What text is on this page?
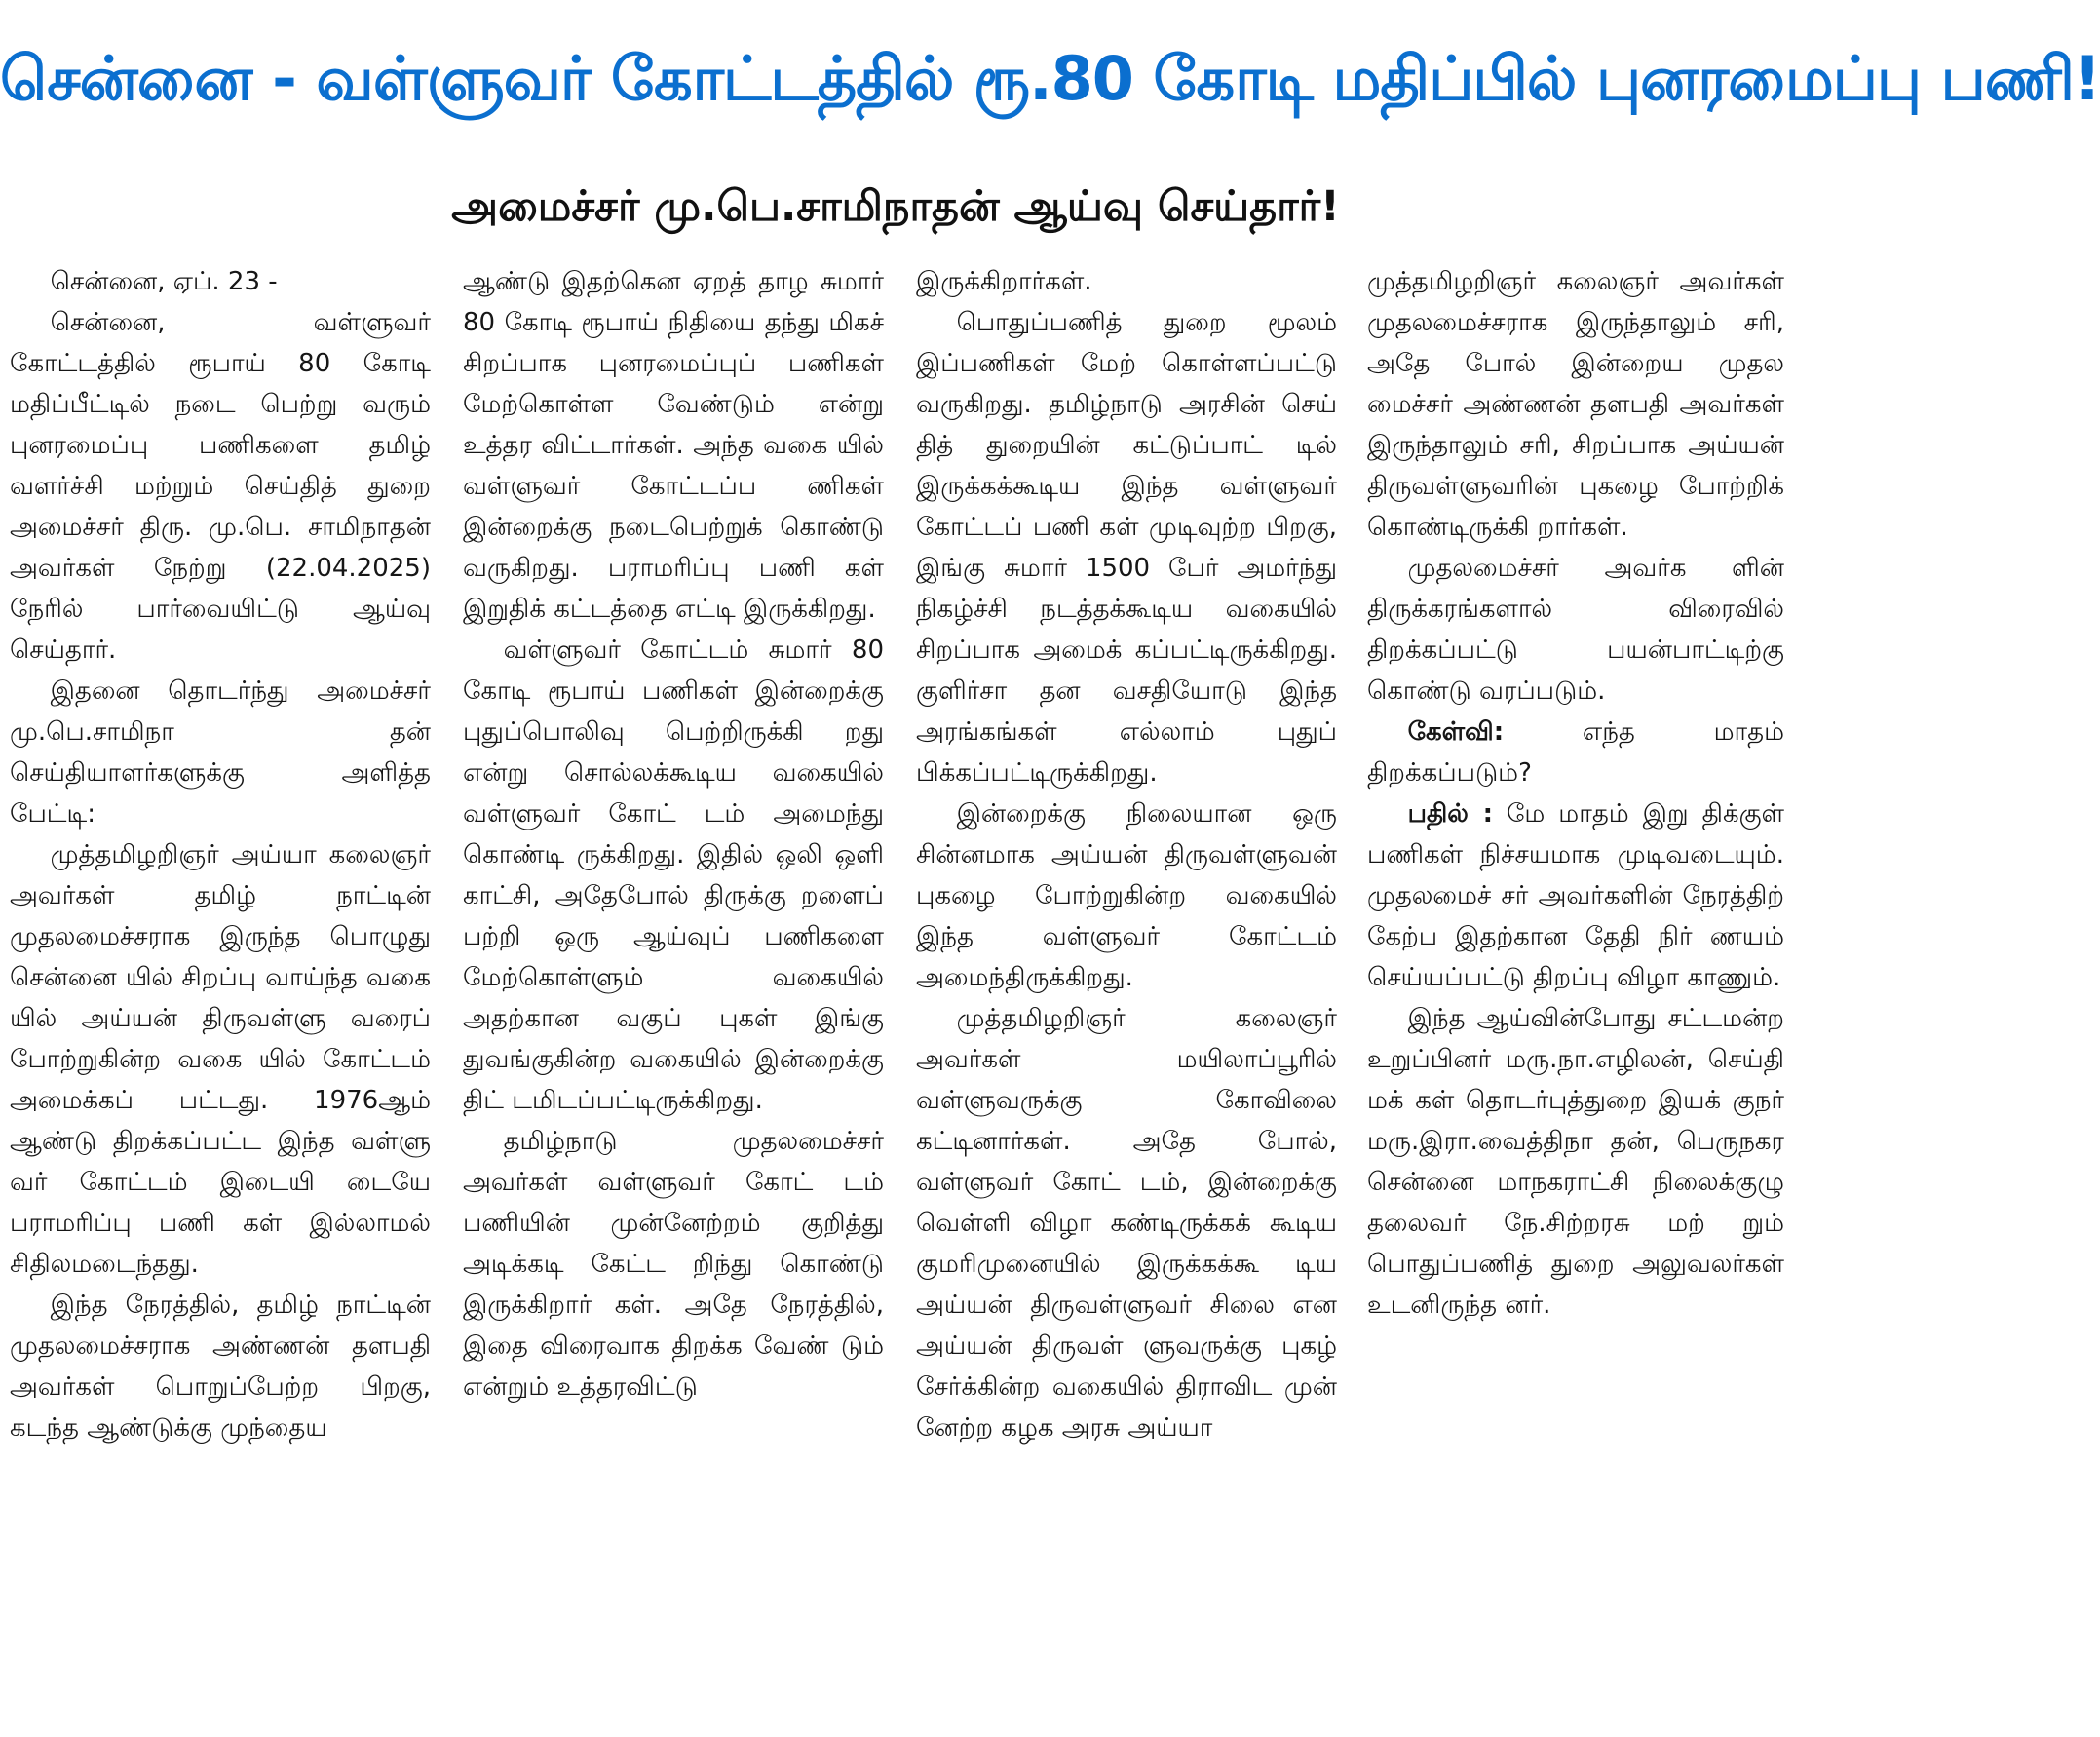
சென்னை - வள்ளுவர் கோட்டத்தில் ரூ.80 கோடி மதிப்பில் புனரமைப்பு பணி!
அமைச்சர் மு.பெ.சாமிநாதன் ஆய்வு செய்தார்!

சென்னை, ஏப். 23 -

சென்னை, வள்ளுவர் கோட்டத்தில் ரூபாய் 80 கோடி மதிப்பீட்டில் நடை பெற்று வரும் புனரமைப்பு பணிகளை தமிழ் வளர்ச்சி மற்றும் செய்தித் துறை அமைச்சர் திரு. மு.பெ. சாமிநாதன் அவர்கள் நேற்று (22.04.2025) நேரில் பார்வையிட்டு ஆய்வு செய்தார்.

இதனை தொடர்ந்து அமைச்சர் மு.பெ.சாமிநா தன் செய்தியாளர்களுக்கு அளித்த பேட்டி:

முத்தமிழறிஞர் அய்யா கலைஞர் அவர்கள் தமிழ் நாட்டின் முதலமைச்சராக இருந்த பொழுது சென்னை யில் சிறப்பு வாய்ந்த வகை யில் அய்யன் திருவள்ளு வரைப் போற்றுகின்ற வகை யில் கோட்டம் அமைக்கப் பட்டது. 1976ஆம் ஆண்டு திறக்கப்பட்ட இந்த வள்ளு வர் கோட்டம் இடையி டையே பராமரிப்பு பணி கள் இல்லாமல் சிதிலமடைந்தது.

இந்த நேரத்தில், தமிழ் நாட்டின் முதலமைச்சராக அண்ணன் தளபதி அவர்கள் பொறுப்பேற்ற பிறகு, கடந்த ஆண்டுக்கு முந்தைய

ஆண்டு இதற்கென ஏறத் தாழ சுமார் 80 கோடி ரூபாய் நிதியை தந்து மிகச் சிறப்பாக புனரமைப்புப் பணிகள் மேற்கொள்ள வேண்டும் என்று உத்தர விட்டார்கள். அந்த வகை யில் வள்ளுவர் கோட்டப்ப ணிகள் இன்றைக்கு நடைபெற்றுக் கொண்டு வருகிறது. பராமரிப்பு பணி கள் இறுதிக் கட்டத்தை எட்டி இருக்கிறது.

வள்ளுவர் கோட்டம் சுமார் 80 கோடி ரூபாய் பணிகள் இன்றைக்கு புதுப்பொலிவு பெற்றிருக்கி றது என்று சொல்லக்கூடிய வகையில் வள்ளுவர் கோட் டம் அமைந்து கொண்டி ருக்கிறது. இதில் ஒலி ஒளி காட்சி, அதேபோல் திருக்கு றளைப் பற்றி ஒரு ஆய்வுப் பணிகளை மேற்கொள்ளும் வகையில் அதற்கான வகுப் புகள் இங்கு துவங்குகின்ற வகையில் இன்றைக்கு திட் டமிடப்பட்டிருக்கிறது.

தமிழ்நாடு முதலமைச்சர் அவர்கள் வள்ளுவர் கோட் டம் பணியின் முன்னேற்றம் குறித்து அடிக்கடி கேட்ட றிந்து கொண்டு இருக்கிறார் கள். அதே நேரத்தில், இதை விரைவாக திறக்க வேண் டும் என்றும் உத்தரவிட்டு

இருக்கிறார்கள்.

பொதுப்பணித் துறை மூலம் இப்பணிகள் மேற் கொள்ளப்பட்டு வருகிறது. தமிழ்நாடு அரசின் செய் தித் துறையின் கட்டுப்பாட் டில் இருக்கக்கூடிய இந்த வள்ளுவர் கோட்டப் பணி கள் முடிவுற்ற பிறகு, இங்கு சுமார் 1500 பேர் அமர்ந்து நிகழ்ச்சி நடத்தக்கூடிய வகையில் சிறப்பாக அமைக் கப்பட்டிருக்கிறது. குளிர்சா தன வசதியோடு இந்த அரங்கங்கள் எல்லாம் புதுப் பிக்கப்பட்டிருக்கிறது.

இன்றைக்கு நிலையான ஒரு சின்னமாக அய்யன் திருவள்ளுவன் புகழை போற்றுகின்ற வகையில் இந்த வள்ளுவர் கோட்டம் அமைந்திருக்கிறது.

முத்தமிழறிஞர் கலைஞர் அவர்கள் மயிலாப்பூரில் வள்ளுவருக்கு கோவிலை கட்டினார்கள். அதே போல், வள்ளுவர் கோட் டம், இன்றைக்கு வெள்ளி விழா கண்டிருக்கக் கூடிய குமரிமுனையில் இருக்கக்கூ டிய அய்யன் திருவள்ளுவர் சிலை என அய்யன் திருவள் ளுவருக்கு புகழ் சேர்க்கின்ற வகையில் திராவிட முன் னேற்ற கழக அரசு அய்யா

முத்தமிழறிஞர் கலைஞர் அவர்கள் முதலமைச்சராக இருந்தாலும் சரி, அதே போல் இன்றைய முதல மைச்சர் அண்ணன் தளபதி அவர்கள் இருந்தாலும் சரி, சிறப்பாக அய்யன் திருவள்ளுவரின் புகழை போற்றிக் கொண்டிருக்கி றார்கள்.

முதலமைச்சர் அவர்க ளின் திருக்கரங்களால் விரைவில் திறக்கப்பட்டு பயன்பாட்டிற்கு கொண்டு வரப்படும்.

கேள்வி: எந்த மாதம் திறக்கப்படும்?

பதில் : மே மாதம் இறு திக்குள் பணிகள் நிச்சயமாக முடிவடையும். முதலமைச் சர் அவர்களின் நேரத்திற் கேற்ப இதற்கான தேதி நிர் ணயம் செய்யப்பட்டு திறப்பு விழா காணும்.

இந்த ஆய்வின்போது சட்டமன்ற உறுப்பினர் மரு.நா.எழிலன், செய்தி மக் கள் தொடர்புத்துறை இயக் குநர் மரு.இரா.வைத்திநா தன், பெருநகர சென்னை மாநகராட்சி நிலைக்குழு தலைவர் நே.சிற்றரசு மற் றும் பொதுப்பணித் துறை அலுவலர்கள் உடனிருந்த னர்.
